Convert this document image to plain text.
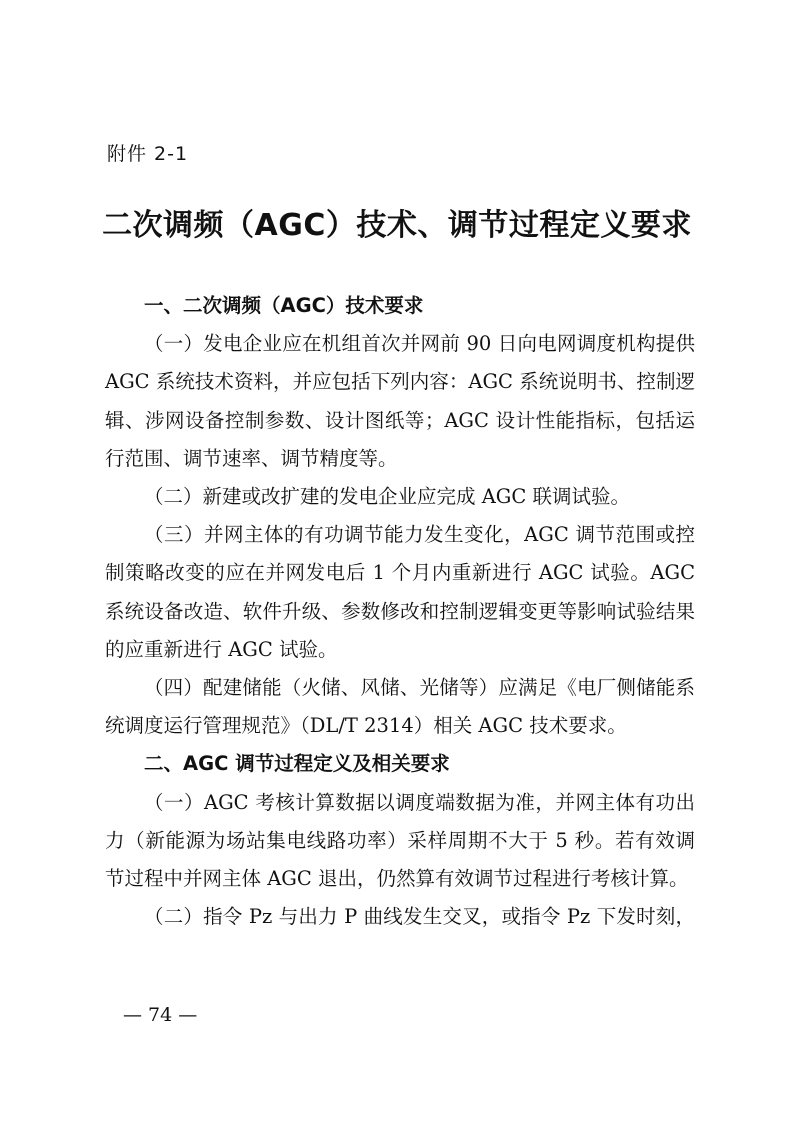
附件 2-1
二次调频（AGC）技术、调节过程定义要求
一、二次调频（AGC）技术要求

（一）发电企业应在机组首次并网前 90 日向电网调度机构提供 AGC 系统技术资料，并应包括下列内容：AGC 系统说明书、控制逻辑、涉网设备控制参数、设计图纸等；AGC 设计性能指标，包括运行范围、调节速率、调节精度等。

（二）新建或改扩建的发电企业应完成 AGC 联调试验。

（三）并网主体的有功调节能力发生变化，AGC 调节范围或控制策略改变的应在并网发电后 1 个月内重新进行 AGC 试验。AGC 系统设备改造、软件升级、参数修改和控制逻辑变更等影响试验结果的应重新进行 AGC 试验。

（四）配建储能（火储、风储、光储等）应满足《电厂侧储能系统调度运行管理规范》（DL/T 2314）相关 AGC 技术要求。

二、AGC 调节过程定义及相关要求

（一）AGC 考核计算数据以调度端数据为准，并网主体有功出力（新能源为场站集电线路功率）采样周期不大于 5 秒。若有效调节过程中并网主体 AGC 退出，仍然算有效调节过程进行考核计算。

（二）指令 Pz 与出力 P 曲线发生交叉，或指令 Pz 下发时刻，

— 74 —
